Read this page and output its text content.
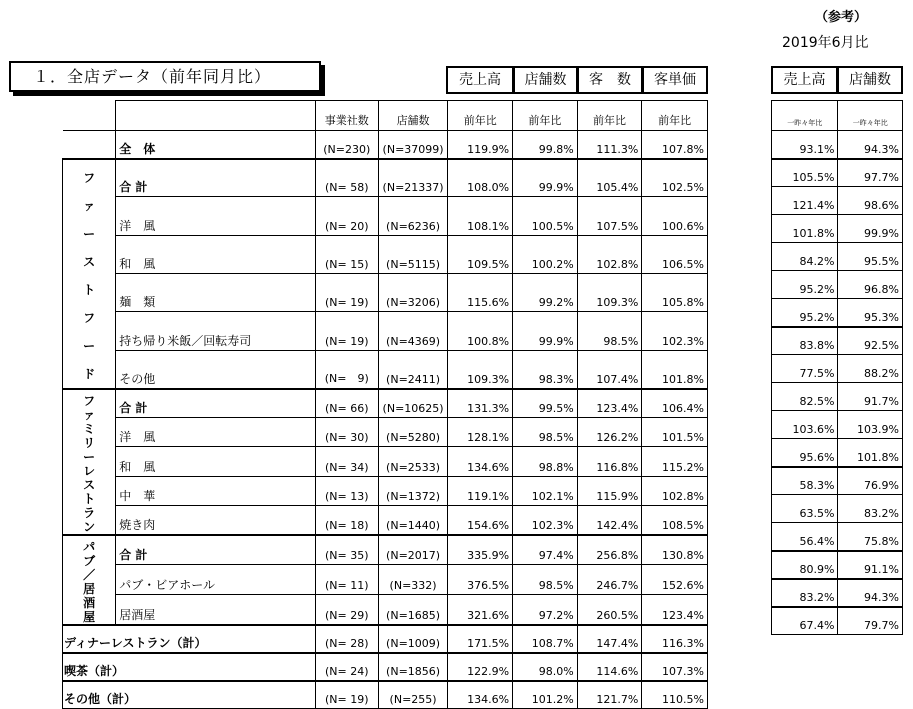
（参考）
2019年6月比
１．全店データ（前年同月比）	売上高	店舗数	客　数	客単価	売上高	店舗数
		事業社数	店舗数	前年比	前年比	前年比	前年比
	全　体	(N=230)	(N=37099)	119.9%	99.8%	111.3%	107.8%
ファーストフード	合 計	(N= 58)	(N=21337)	108.0%	99.9%	105.4%	102.5%
	洋　風	(N= 20)	(N=6236)	108.1%	100.5%	107.5%	100.6%
	和　風	(N= 15)	(N=5115)	109.5%	100.2%	102.8%	106.5%
	麺　類	(N= 19)	(N=3206)	115.6%	99.2%	109.3%	105.8%
	持ち帰り米飯／回転寿司	(N= 19)	(N=4369)	100.8%	99.9%	98.5%	102.3%
	その他	(N=　9)	(N=2411)	109.3%	98.3%	107.4%	101.8%
ファミリーレストラン	合 計	(N= 66)	(N=10625)	131.3%	99.5%	123.4%	106.4%
	洋　風	(N= 30)	(N=5280)	128.1%	98.5%	126.2%	101.5%
	和　風	(N= 34)	(N=2533)	134.6%	98.8%	116.8%	115.2%
	中　華	(N= 13)	(N=1372)	119.1%	102.1%	115.9%	102.8%
	焼き肉	(N= 18)	(N=1440)	154.6%	102.3%	142.4%	108.5%
パブ／居酒屋	合 計	(N= 35)	(N=2017)	335.9%	97.4%	256.8%	130.8%
	パブ・ビアホール	(N= 11)	(N=332)	376.5%	98.5%	246.7%	152.6%
	居酒屋	(N= 29)	(N=1685)	321.6%	97.2%	260.5%	123.4%
ディナーレストラン（計）		(N= 28)	(N=1009)	171.5%	108.7%	147.4%	116.3%
喫茶（計）		(N= 24)	(N=1856)	122.9%	98.0%	114.6%	107.3%
その他（計）		(N= 19)	(N=255)	134.6%	101.2%	121.7%	110.5%
一昨々年比	一昨々年比
93.1%	94.3%
105.5%	97.7%
121.4%	98.6%
101.8%	99.9%
84.2%	95.5%
95.2%	96.8%
95.2%	95.3%
83.8%	92.5%
77.5%	88.2%
82.5%	91.7%
103.6%	103.9%
95.6%	101.8%
58.3%	76.9%
63.5%	83.2%
56.4%	75.8%
80.9%	91.1%
83.2%	94.3%
67.4%	79.7%
